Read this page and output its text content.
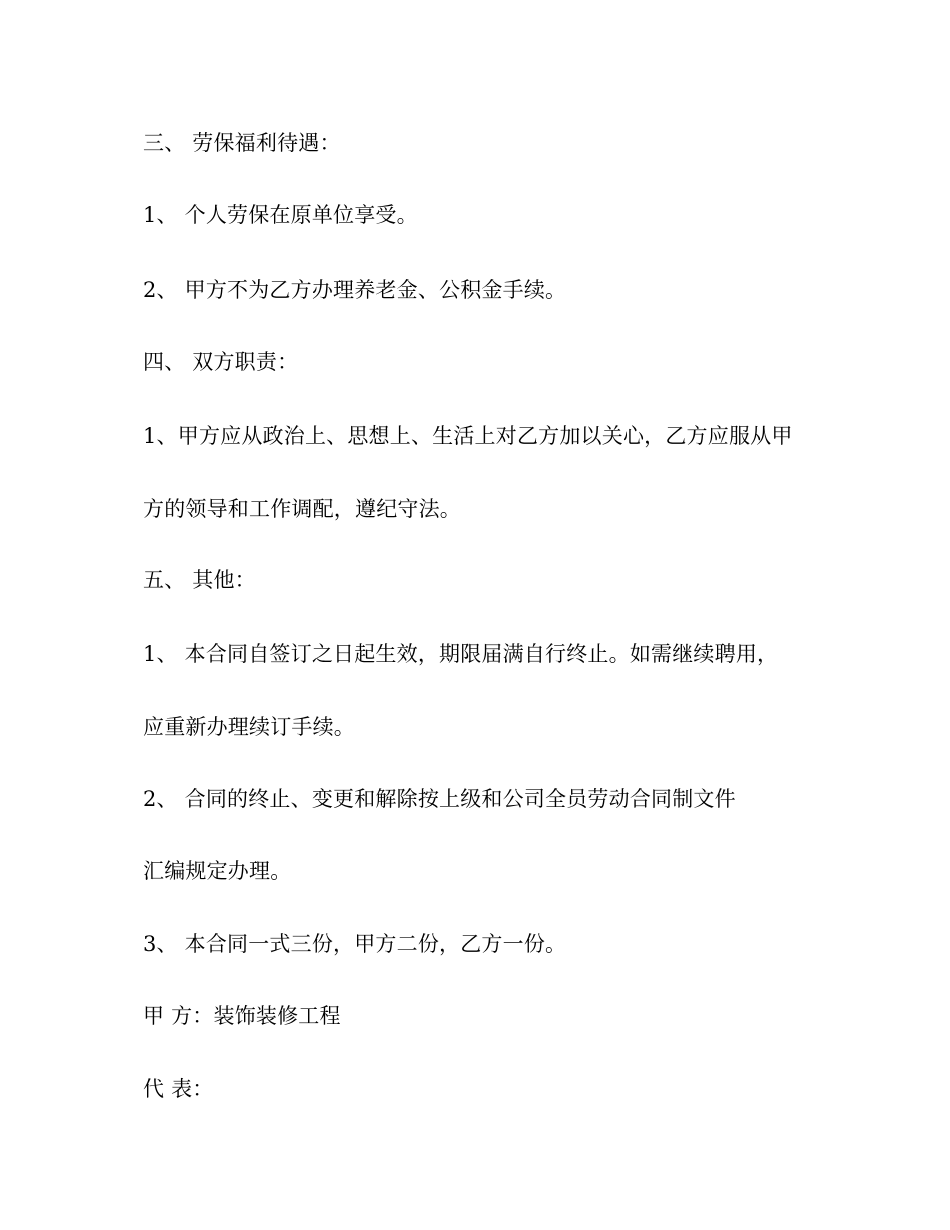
三、 劳保福利待遇：
1、 个人劳保在原单位享受。
2、 甲方不为乙方办理养老金、公积金手续。
四、 双方职责：
1、甲方应从政治上、思想上、生活上对乙方加以关心，乙方应服从甲
方的领导和工作调配，遵纪守法。
五、 其他：
1、 本合同自签订之日起生效，期限届满自行终止。如需继续聘用，
应重新办理续订手续。
2、 合同的终止、变更和解除按上级和公司全员劳动合同制文件
汇编规定办理。
3、 本合同一式三份，甲方二份，乙方一份。
甲 方：装饰装修工程
代 表：
